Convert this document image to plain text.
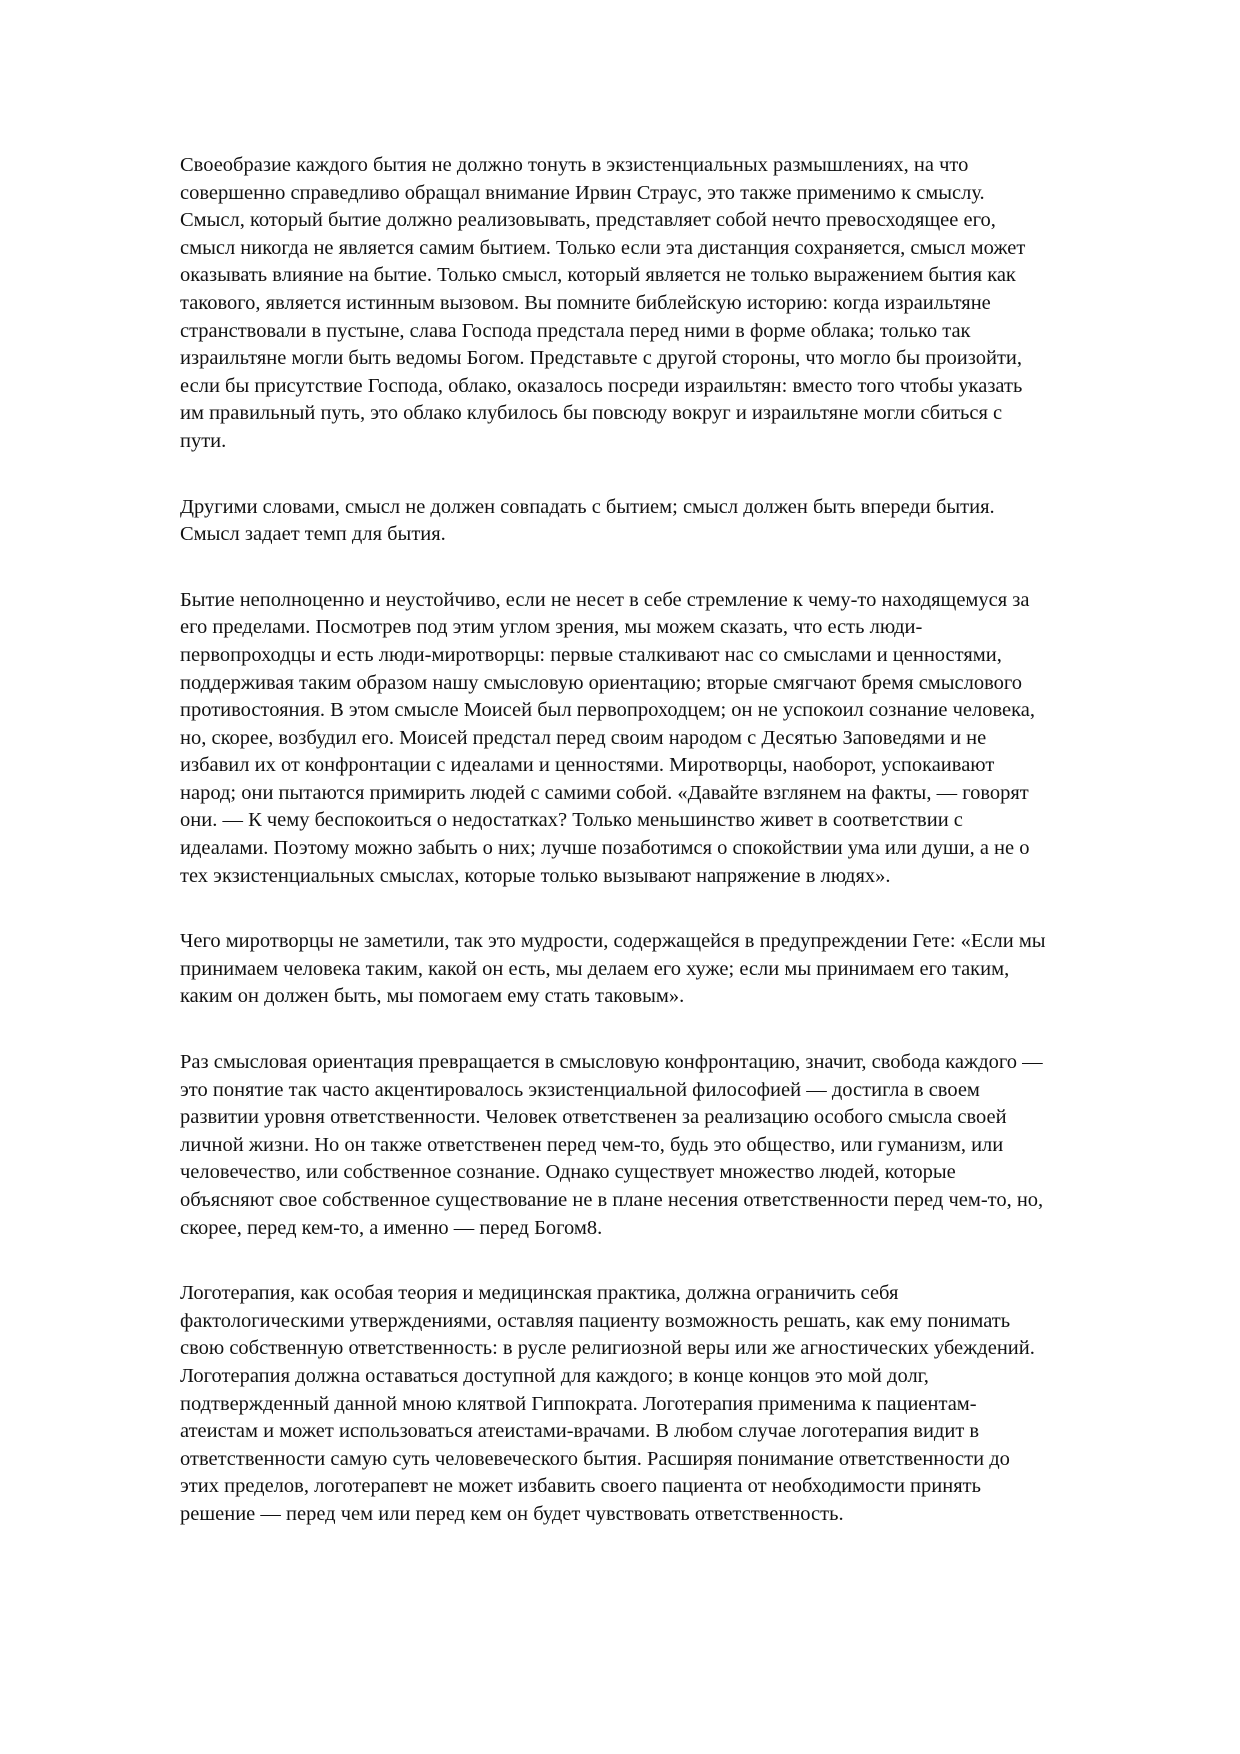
Своеобразие каждого бытия не должно тонуть в экзистенциальных размышлениях, на что
совершенно справедливо обращал внимание Ирвин Страус, это также применимо к смыслу.
Смысл, который бытие должно реализовывать, представляет собой нечто превосходящее его,
смысл никогда не является самим бытием. Только если эта дистанция сохраняется, смысл может
оказывать влияние на бытие. Только смысл, который является не только выражением бытия как
такового, является истинным вызовом. Вы помните библейскую историю: когда израильтяне
странствовали в пустыне, слава Господа предстала перед ними в форме облака; только так
израильтяне могли быть ведомы Богом. Представьте с другой стороны, что могло бы произойти,
если бы присутствие Господа, облако, оказалось посреди израильтян: вместо того чтобы указать
им правильный путь, это облако клубилось бы повсюду вокруг и израильтяне могли сбиться с
пути.
Другими словами, смысл не должен совпадать с бытием; смысл должен быть впереди бытия.
Смысл задает темп для бытия.
Бытие неполноценно и неустойчиво, если не несет в себе стремление к чему-то находящемуся за
его пределами. Посмотрев под этим углом зрения, мы можем сказать, что есть люди-
первопроходцы и есть люди-миротворцы: первые сталкивают нас со смыслами и ценностями,
поддерживая таким образом нашу смысловую ориентацию; вторые смягчают бремя смыслового
противостояния. В этом смысле Моисей был первопроходцем; он не успокоил сознание человека,
но, скорее, возбудил его. Моисей предстал перед своим народом с Десятью Заповедями и не
избавил их от конфронтации с идеалами и ценностями. Миротворцы, наоборот, успокаивают
народ; они пытаются примирить людей с самими собой. «Давайте взглянем на факты, — говорят
они. — К чему беспокоиться о недостатках? Только меньшинство живет в соответствии с
идеалами. Поэтому можно забыть о них; лучше позаботимся о спокойствии ума или души, а не о
тех экзистенциальных смыслах, которые только вызывают напряжение в людях».
Чего миротворцы не заметили, так это мудрости, содержащейся в предупреждении Гете: «Если мы
принимаем человека таким, какой он есть, мы делаем его хуже; если мы принимаем его таким,
каким он должен быть, мы помогаем ему стать таковым».
Раз смысловая ориентация превращается в смысловую конфронтацию, значит, свобода каждого —
это понятие так часто акцентировалось экзистенциальной философией — достигла в своем
развитии уровня ответственности. Человек ответственен за реализацию особого смысла своей
личной жизни. Но он также ответственен перед чем-то, будь это общество, или гуманизм, или
человечество, или собственное сознание. Однако существует множество людей, которые
объясняют свое собственное существование не в плане несения ответственности перед чем-то, но,
скорее, перед кем-то, а именно — перед Богом8.
Логотерапия, как особая теория и медицинская практика, должна ограничить себя
фактологическими утверждениями, оставляя пациенту возможность решать, как ему понимать
свою собственную ответственность: в русле религиозной веры или же агностических убеждений.
Логотерапия должна оставаться доступной для каждого; в конце концов это мой долг,
подтвержденный данной мною клятвой Гиппократа. Логотерапия применима к пациентам-
атеистам и может использоваться атеистами-врачами. В любом случае логотерапия видит в
ответственности самую суть человевеческого бытия. Расширяя понимание ответственности до
этих пределов, логотерапевт не может избавить своего пациента от необходимости принять
решение — перед чем или перед кем он будет чувствовать ответственность.
